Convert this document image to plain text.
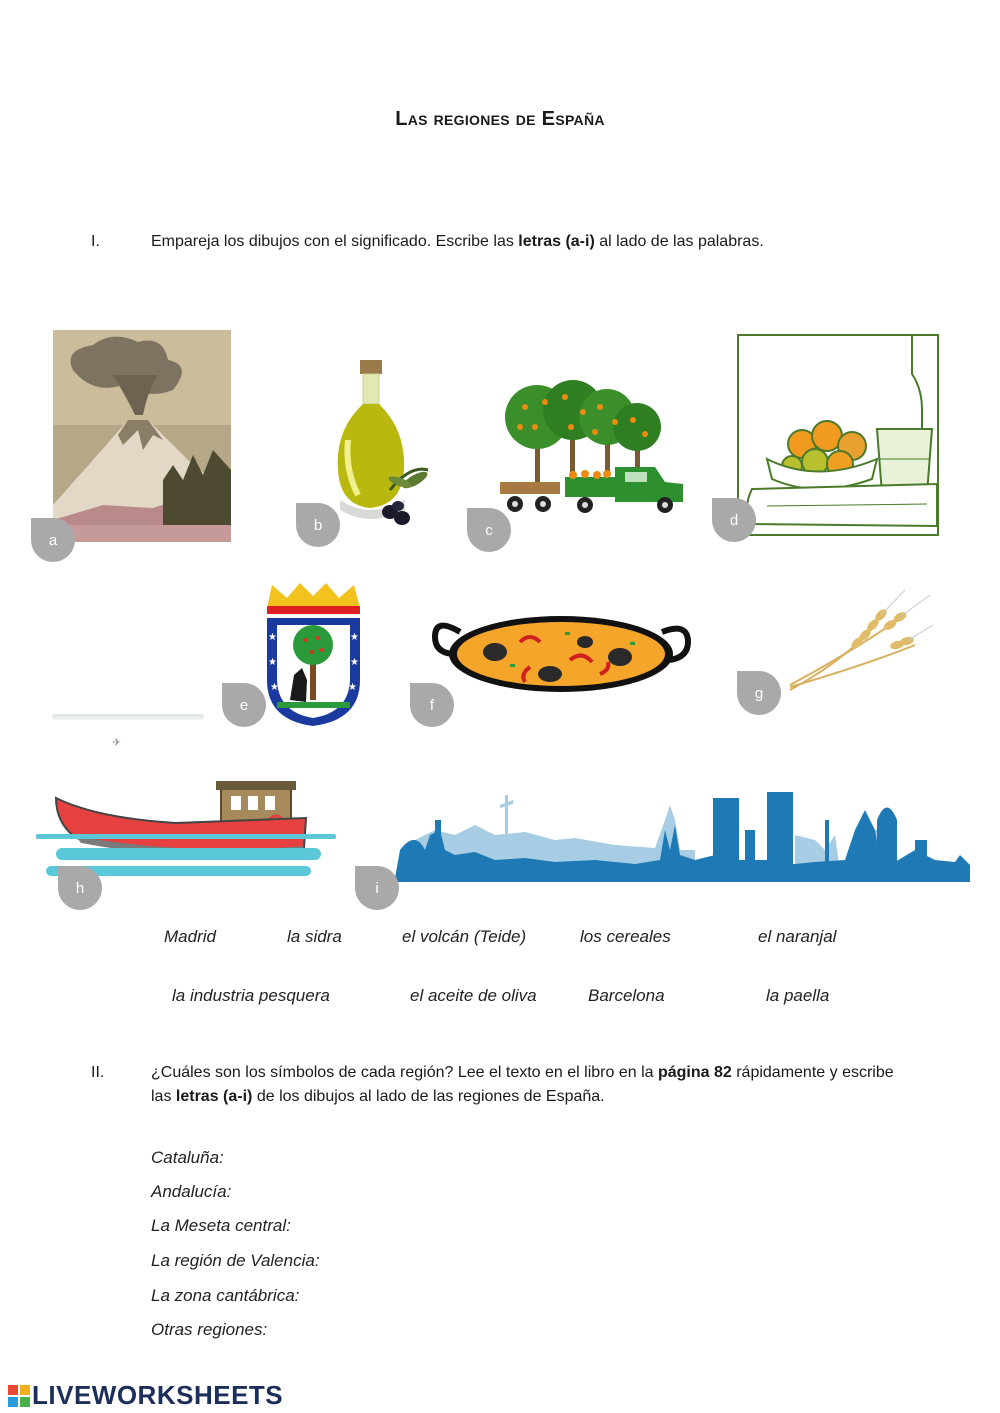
Las regiones de España
I.	Empareja los dibujos con el significado. Escribe las letras (a-i) al lado de las palabras.
★	★
★	★
★	★
✈
a
b	c
d
e	f
g
h	i
Madrid	la sidra	el volcán (Teide)	los cereales	el naranjal
la industria pesquera	el aceite de oliva	Barcelona	la paella
II.	¿Cuáles son los símbolos de cada región? Lee el texto en el libro en la página 82 rápidamente y escribe
las letras (a-i) de los dibujos al lado de las regiones de España.
Cataluña:
Andalucía:
La Meseta central:
La región de Valencia:
La zona cantábrica:
Otras regiones:
LIVEWORKSHEETS
